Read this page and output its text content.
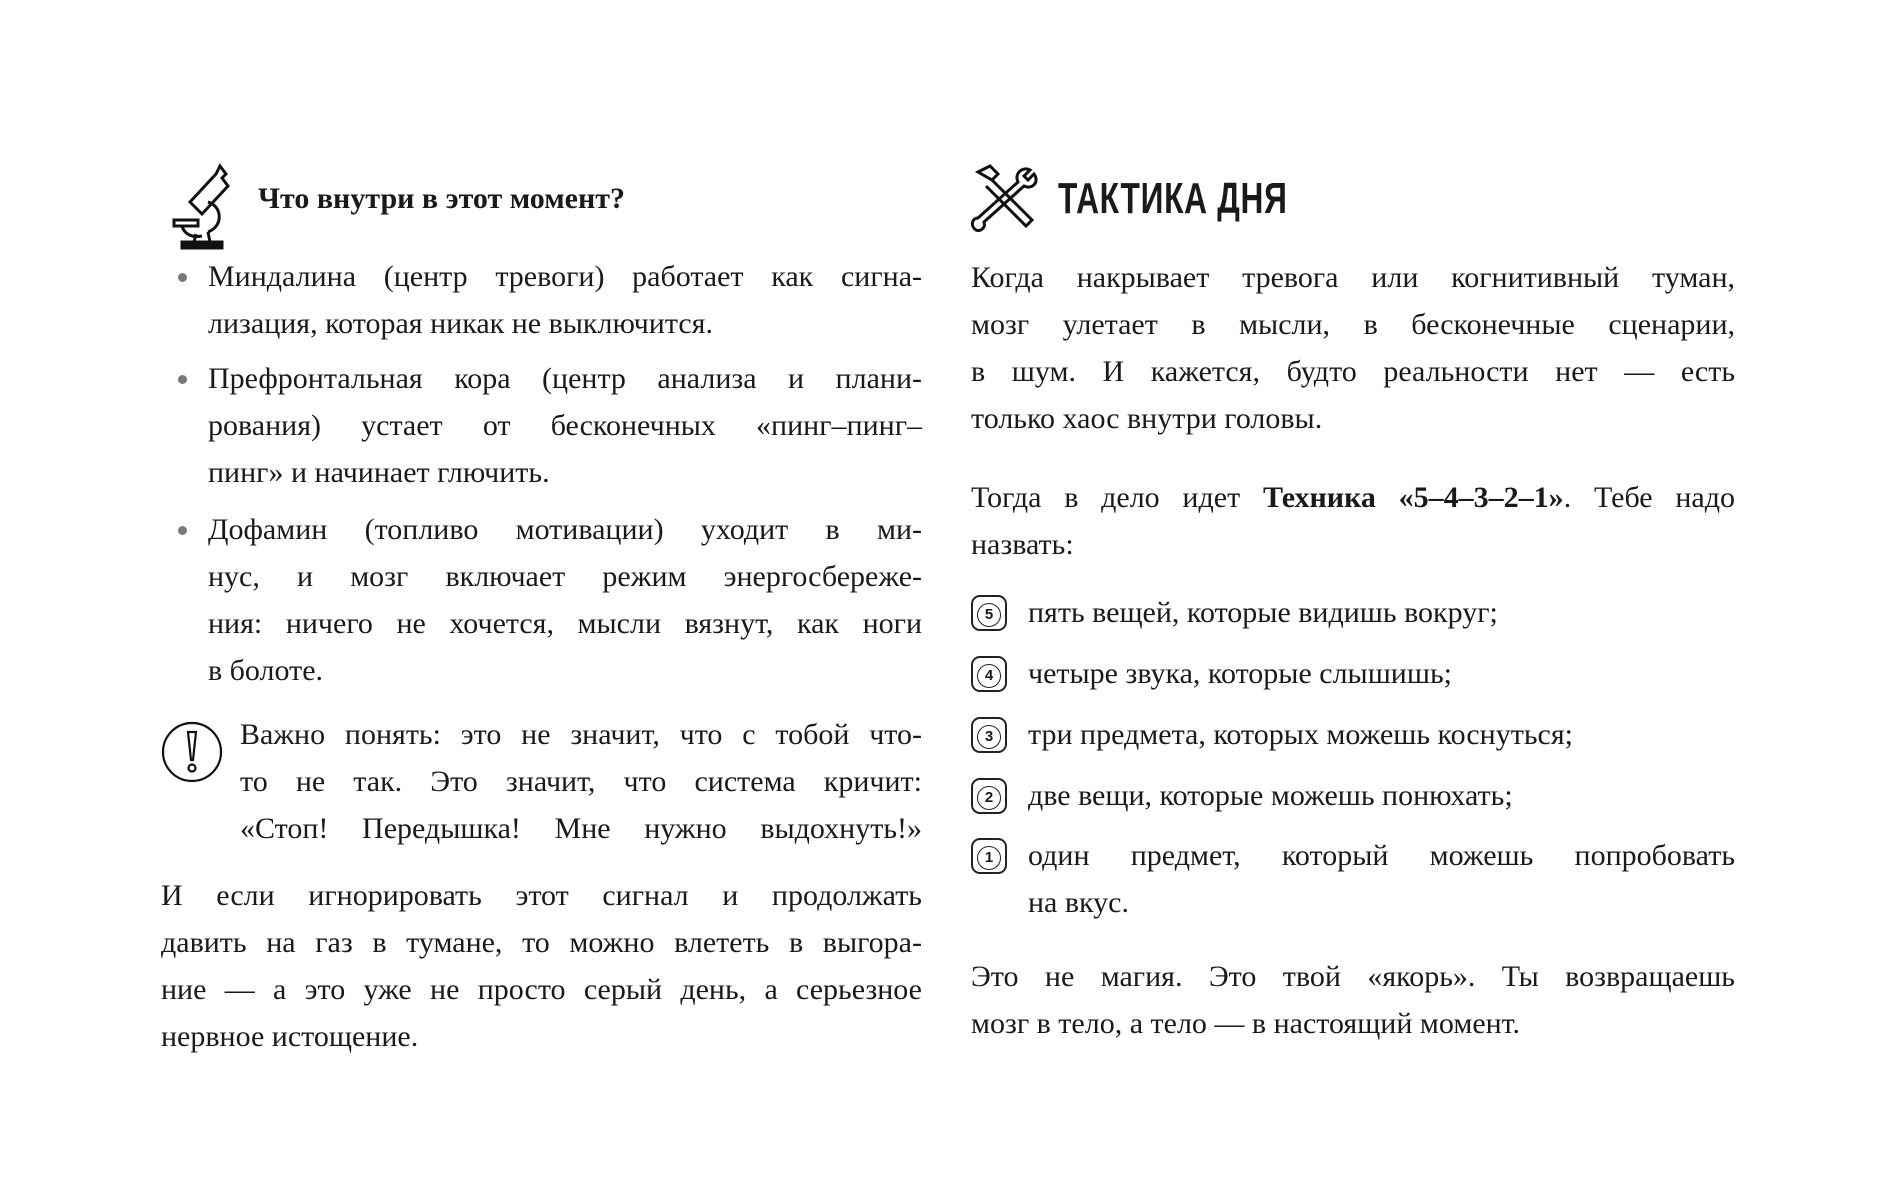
Что внутри в этот момент?
Миндалина (центр тревоги) работает как сигна-
лизация, которая никак не выключится.
Префронтальная кора (центр анализа и плани-
рования) устает от бесконечных «пинг–пинг–
пинг» и начинает глючить.
Дофамин (топливо мотивации) уходит в ми-
нус, и мозг включает режим энергосбереже-
ния: ничего не хочется, мысли вязнут, как ноги
в болоте.
Важно понять: это не значит, что с тобой что-
то не так. Это значит, что система кричит:
«Стоп! Передышка! Мне нужно выдохнуть!»
И если игнорировать этот сигнал и продолжать
давить на газ в тумане, то можно влететь в выгора-
ние — а это уже не просто серый день, а серьезное
нервное истощение.
ТАКТИКА ДНЯ
Когда накрывает тревога или когнитивный туман,
мозг улетает в мысли, в бесконечные сценарии,
в шум. И кажется, будто реальности нет — есть
только хаос внутри головы.
Тогда в дело идет Техника «5–4–3–2–1». Тебе надо
назвать:
5	пять вещей, которые видишь вокруг;
4	четыре звука, которые слышишь;
3	три предмета, которых можешь коснуться;
2	две вещи, которые можешь понюхать;
1	один предмет, который можешь попробовать
на вкус.
Это не магия. Это твой «якорь». Ты возвращаешь
мозг в тело, а тело — в настоящий момент.
